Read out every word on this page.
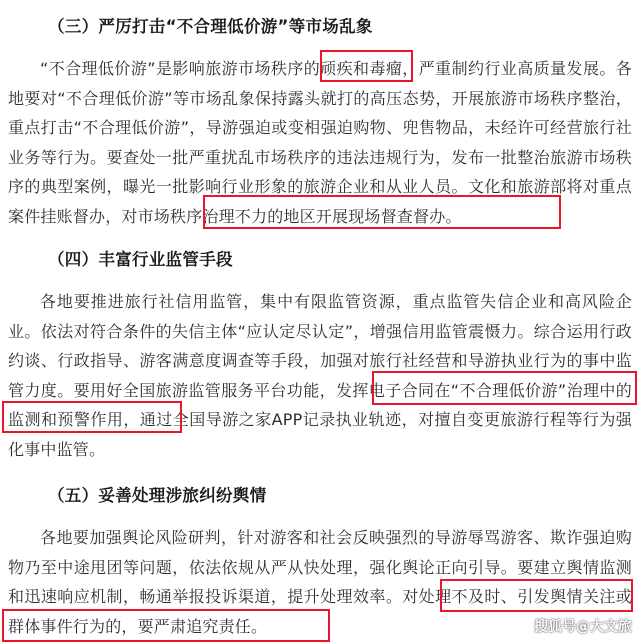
（三）严厉打击“不合理低价游”等市场乱象
“不合理低价游”是影响旅游市场秩序的顽疾和毒瘤，严重制约行业高质量发展。各地要对“不合理低价游”等市场乱象保持露头就打的高压态势，开展旅游市场秩序整治，重点打击“不合理低价游”，导游强迫或变相强迫购物、兜售物品，未经许可经营旅行社业务等行为。要查处一批严重扰乱市场秩序的违法违规行为，发布一批整治旅游市场秩序的典型案例，曝光一批影响行业形象的旅游企业和从业人员。文化和旅游部将对重点案件挂账督办，对市场秩序治理不力的地区开展现场督查督办。
（四）丰富行业监管手段
各地要推进旅行社信用监管，集中有限监管资源，重点监管失信企业和高风险企业。依法对符合条件的失信主体“应认定尽认定”，增强信用监管震慑力。综合运用行政约谈、行政指导、游客满意度调查等手段，加强对旅行社经营和导游执业行为的事中监管力度。要用好全国旅游监管服务平台功能，发挥电子合同在“不合理低价游”治理中的监测和预警作用，通过全国导游之家APP记录执业轨迹，对擅自变更旅游行程等行为强化事中监管。
（五）妥善处理涉旅纠纷舆情
各地要加强舆论风险研判，针对游客和社会反映强烈的导游辱骂游客、欺诈强迫购物乃至中途甩团等问题，依法依规从严从快处理，强化舆论正向引导。要建立舆情监测和迅速响应机制，畅通举报投诉渠道，提升处理效率。对处理不及时、引发舆情关注或群体事件行为的，要严肃追究责任。	搜狐号@大文旅
